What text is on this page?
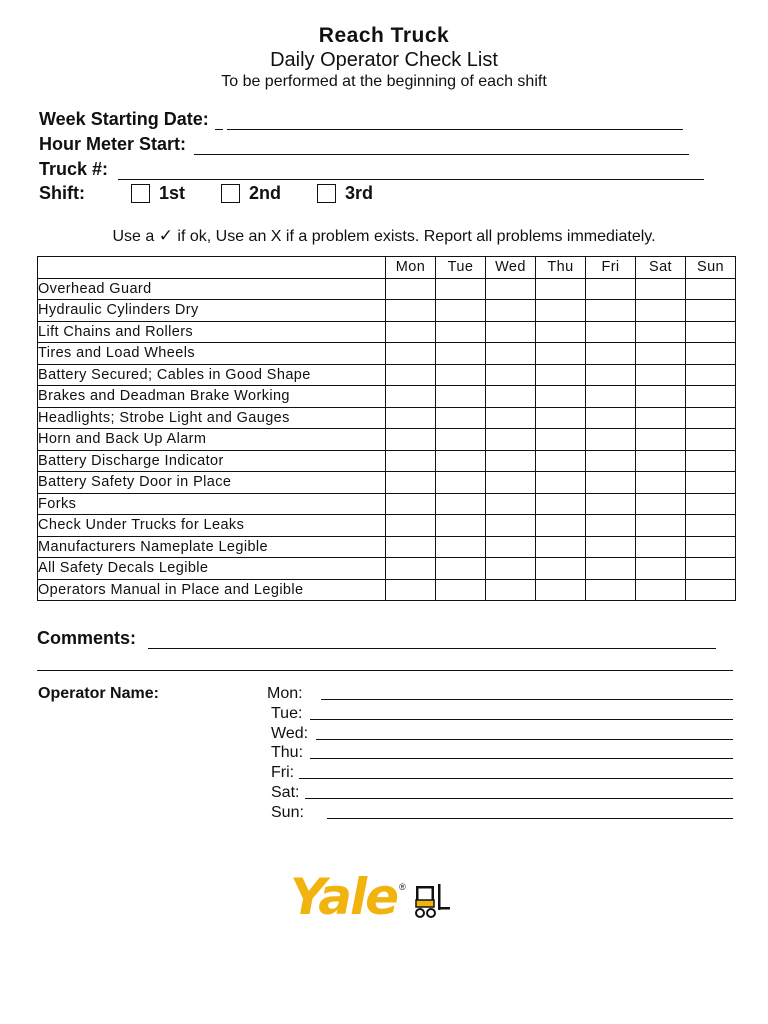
Reach Truck
Daily Operator Check List
To be performed at the beginning of each shift
Week Starting Date:
Hour Meter Start:
Truck #:
Shift:	1st	2nd	3rd
Use a ✓ if ok, Use an X if a problem exists. Report all problems immediately.
	Mon	Tue	Wed	Thu	Fri	Sat	Sun
Overhead Guard							
Hydraulic Cylinders Dry							
Lift Chains and Rollers							
Tires and Load Wheels							
Battery Secured; Cables in Good Shape							
Brakes and Deadman Brake Working							
Headlights; Strobe Light and Gauges							
Horn and Back Up Alarm							
Battery Discharge Indicator							
Battery Safety Door in Place							
Forks							
Check Under Trucks for Leaks							
Manufacturers Nameplate Legible							
All Safety Decals Legible							
Operators Manual in Place and Legible							
Comments:
Operator Name:	Mon:
Tue:
Wed:
Thu:
Fri:
Sat:
Sun:
Yale ®
